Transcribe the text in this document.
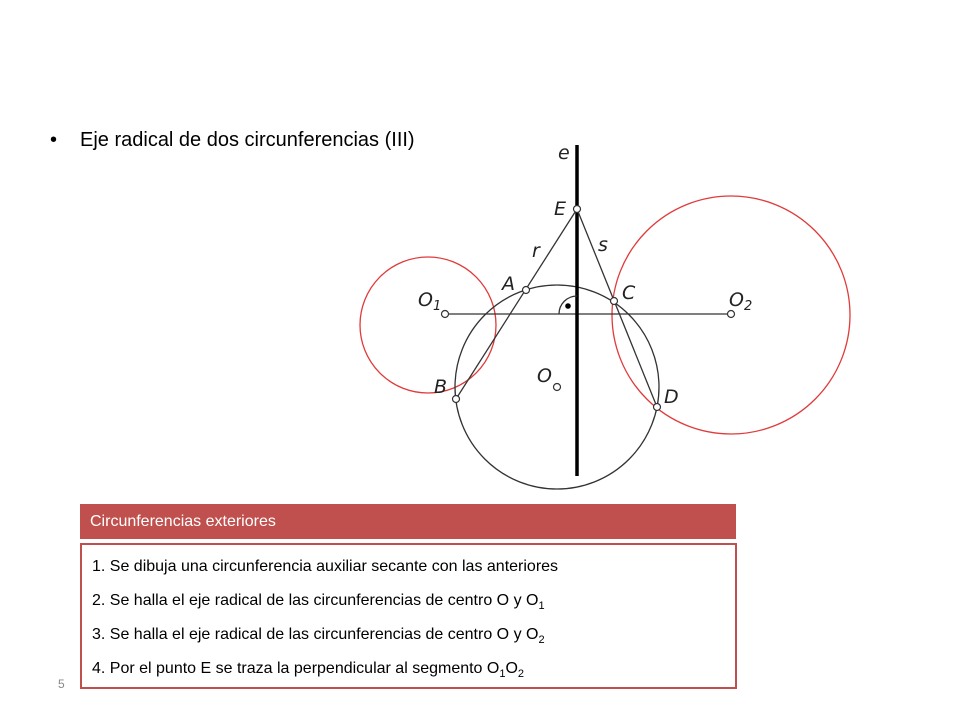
• Eje radical de dos circunferencias (III)
e
E
r	s
A	C
$O_1$	$O_2$
O
B	D
Circunferencias exteriores
1. Se dibuja una circunferencia auxiliar secante con las anteriores
2. Se halla el eje radical de las circunferencias de centro O y $O_1$
3. Se halla el eje radical de las circunferencias de centro O y $O_2$
4. Por el punto E se traza la perpendicular al segmento $O_1O_2$
5
